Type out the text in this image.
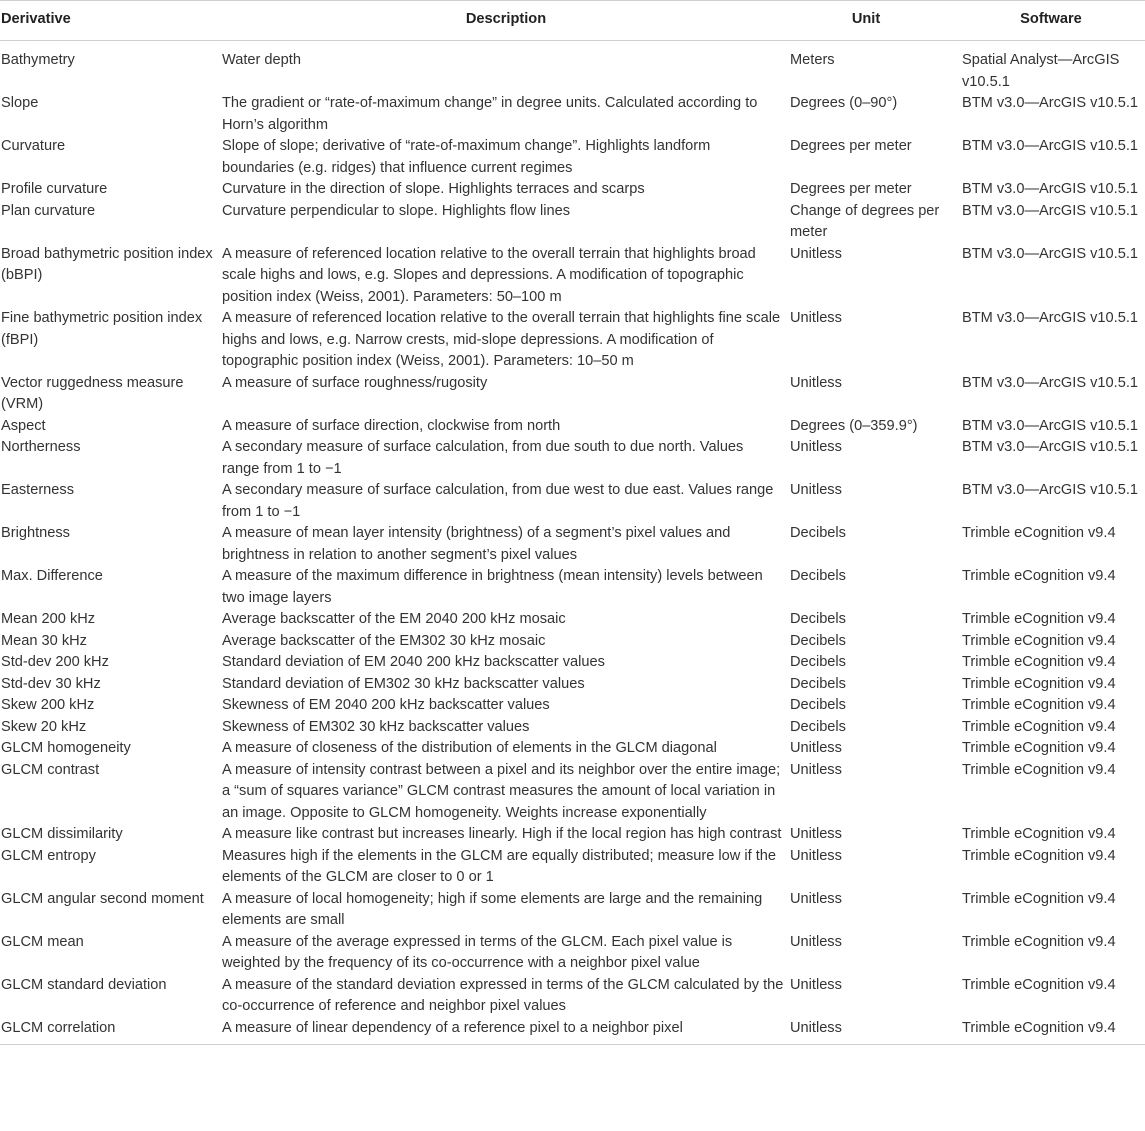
Derivative	Description	Unit	Software
Bathymetry	Water depth	Meters	Spatial Analyst—ArcGIS v10.5.1
Slope	The gradient or “rate-of-maximum change” in degree units. Calculated according to Horn’s algorithm	Degrees (0–90°)	BTM v3.0—ArcGIS v10.5.1
Curvature	Slope of slope; derivative of “rate-of-maximum change”. Highlights landform boundaries (e.g. ridges) that influence current regimes	Degrees per meter	BTM v3.0—ArcGIS v10.5.1
Profile curvature	Curvature in the direction of slope. Highlights terraces and scarps	Degrees per meter	BTM v3.0—ArcGIS v10.5.1
Plan curvature	Curvature perpendicular to slope. Highlights flow lines	Change of degrees per meter	BTM v3.0—ArcGIS v10.5.1
Broad bathymetric position index (bBPI)	A measure of referenced location relative to the overall terrain that highlights broad scale highs and lows, e.g. Slopes and depressions. A modification of topographic position index (Weiss, 2001). Parameters: 50–100 m	Unitless	BTM v3.0—ArcGIS v10.5.1
Fine bathymetric position index (fBPI)	A measure of referenced location relative to the overall terrain that highlights fine scale highs and lows, e.g. Narrow crests, mid-slope depressions. A modification of topographic position index (Weiss, 2001). Parameters: 10–50 m	Unitless	BTM v3.0—ArcGIS v10.5.1
Vector ruggedness measure (VRM)	A measure of surface roughness/rugosity	Unitless	BTM v3.0—ArcGIS v10.5.1
Aspect	A measure of surface direction, clockwise from north	Degrees (0–359.9°)	BTM v3.0—ArcGIS v10.5.1
Northerness	A secondary measure of surface calculation, from due south to due north. Values range from 1 to −1	Unitless	BTM v3.0—ArcGIS v10.5.1
Easterness	A secondary measure of surface calculation, from due west to due east. Values range from 1 to −1	Unitless	BTM v3.0—ArcGIS v10.5.1
Brightness	A measure of mean layer intensity (brightness) of a segment’s pixel values and brightness in relation to another segment’s pixel values	Decibels	Trimble eCognition v9.4
Max. Difference	A measure of the maximum difference in brightness (mean intensity) levels between two image layers	Decibels	Trimble eCognition v9.4
Mean 200 kHz	Average backscatter of the EM 2040 200 kHz mosaic	Decibels	Trimble eCognition v9.4
Mean 30 kHz	Average backscatter of the EM302 30 kHz mosaic	Decibels	Trimble eCognition v9.4
Std-dev 200 kHz	Standard deviation of EM 2040 200 kHz backscatter values	Decibels	Trimble eCognition v9.4
Std-dev 30 kHz	Standard deviation of EM302 30 kHz backscatter values	Decibels	Trimble eCognition v9.4
Skew 200 kHz	Skewness of EM 2040 200 kHz backscatter values	Decibels	Trimble eCognition v9.4
Skew 20 kHz	Skewness of EM302 30 kHz backscatter values	Decibels	Trimble eCognition v9.4
GLCM homogeneity	A measure of closeness of the distribution of elements in the GLCM diagonal	Unitless	Trimble eCognition v9.4
GLCM contrast	A measure of intensity contrast between a pixel and its neighbor over the entire image; a “sum of squares variance” GLCM contrast measures the amount of local variation in an image. Opposite to GLCM homogeneity. Weights increase exponentially	Unitless	Trimble eCognition v9.4
GLCM dissimilarity	A measure like contrast but increases linearly. High if the local region has high contrast	Unitless	Trimble eCognition v9.4
GLCM entropy	Measures high if the elements in the GLCM are equally distributed; measure low if the elements of the GLCM are closer to 0 or 1	Unitless	Trimble eCognition v9.4
GLCM angular second moment	A measure of local homogeneity; high if some elements are large and the remaining elements are small	Unitless	Trimble eCognition v9.4
GLCM mean	A measure of the average expressed in terms of the GLCM. Each pixel value is weighted by the frequency of its co-occurrence with a neighbor pixel value	Unitless	Trimble eCognition v9.4
GLCM standard deviation	A measure of the standard deviation expressed in terms of the GLCM calculated by the co-occurrence of reference and neighbor pixel values	Unitless	Trimble eCognition v9.4
GLCM correlation	A measure of linear dependency of a reference pixel to a neighbor pixel	Unitless	Trimble eCognition v9.4
